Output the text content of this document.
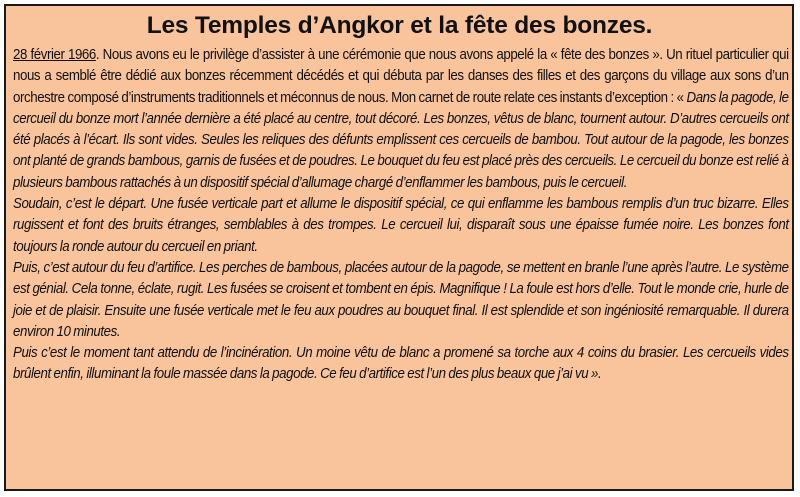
Les Temples d’Angkor et la fête des bonzes.

28 février 1966. Nous avons eu le privilège d’assister à une cérémonie que nous avons appelé la « fête des bonzes ». Un rituel particulier qui nous a semblé être dédié aux bonzes récemment décédés et qui débuta par les danses des filles et des garçons du village aux sons d’un orchestre composé d’instruments traditionnels et méconnus de nous. Mon carnet de route relate ces instants d’exception : « Dans la pagode, le cercueil du bonze mort l’année dernière a été placé au centre, tout décoré. Les bonzes, vêtus de blanc, tournent autour. D’autres cercueils ont été placés à l’écart. Ils sont vides. Seules les reliques des défunts emplissent ces cercueils de bambou. Tout autour de la pagode, les bonzes ont planté de grands bambous, garnis de fusées et de poudres. Le bouquet du feu est placé près des cercueils. Le cercueil du bonze est relié à plusieurs bambous rattachés à un dispositif spécial d’allumage chargé d’enflammer les bambous, puis le cercueil.

Soudain, c’est le départ. Une fusée verticale part et allume le dispositif spécial, ce qui enflamme les bambous remplis d’un truc bizarre. Elles rugissent et font des bruits étranges, semblables à des trompes. Le cercueil lui, disparaît sous une épaisse fumée noire. Les bonzes font toujours la ronde autour du cercueil en priant.

Puis, c’est autour du feu d’artifice. Les perches de bambous, placées autour de la pagode, se mettent en branle l’une après l’autre. Le système est génial. Cela tonne, éclate, rugit. Les fusées se croisent et tombent en épis. Magnifique ! La foule est hors d’elle. Tout le monde crie, hurle de joie et de plaisir. Ensuite une fusée verticale met le feu aux poudres au bouquet final. Il est splendide et son ingéniosité remarquable. Il durera environ 10 minutes.

Puis c’est le moment tant attendu de l’incinération. Un moine vêtu de blanc a promené sa torche aux 4 coins du brasier. Les cercueils vides brûlent enfin, illuminant la foule massée dans la pagode. Ce feu d’artifice est l’un des plus beaux que j’ai vu ».
